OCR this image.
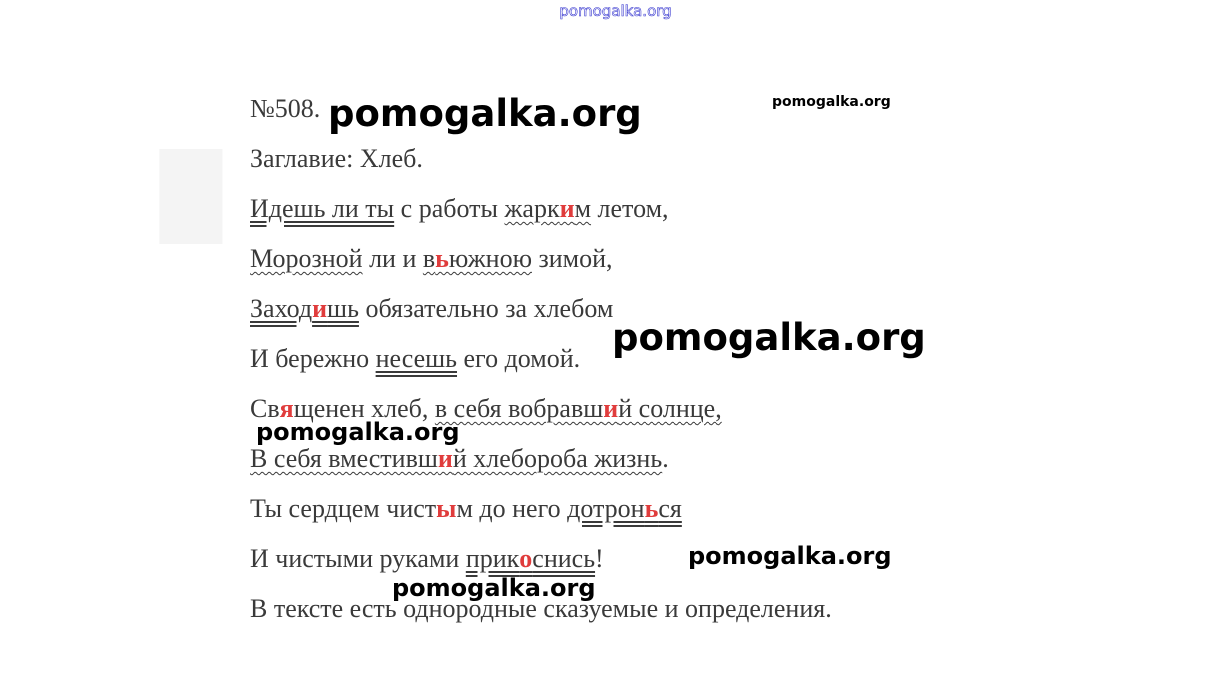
█
pomogalka.org
№508.
Заглавие: Хлеб.
Идешь ли ты с работы жарким летом,
Морозной ли и вьюжною зимой,
Заходишь обязательно за хлебом
И бережно несешь его домой.
Священен хлеб, в себя вобравший солнце,
В себя вместивший хлебороба жизнь.
Ты сердцем чистым до него дотронься
И чистыми руками прикоснись!
В тексте есть однородные сказуемые и определения.
pomogalka.org	pomogalka.org
pomogalka.org
pomogalka.org
pomogalka.org
pomogalka.org
